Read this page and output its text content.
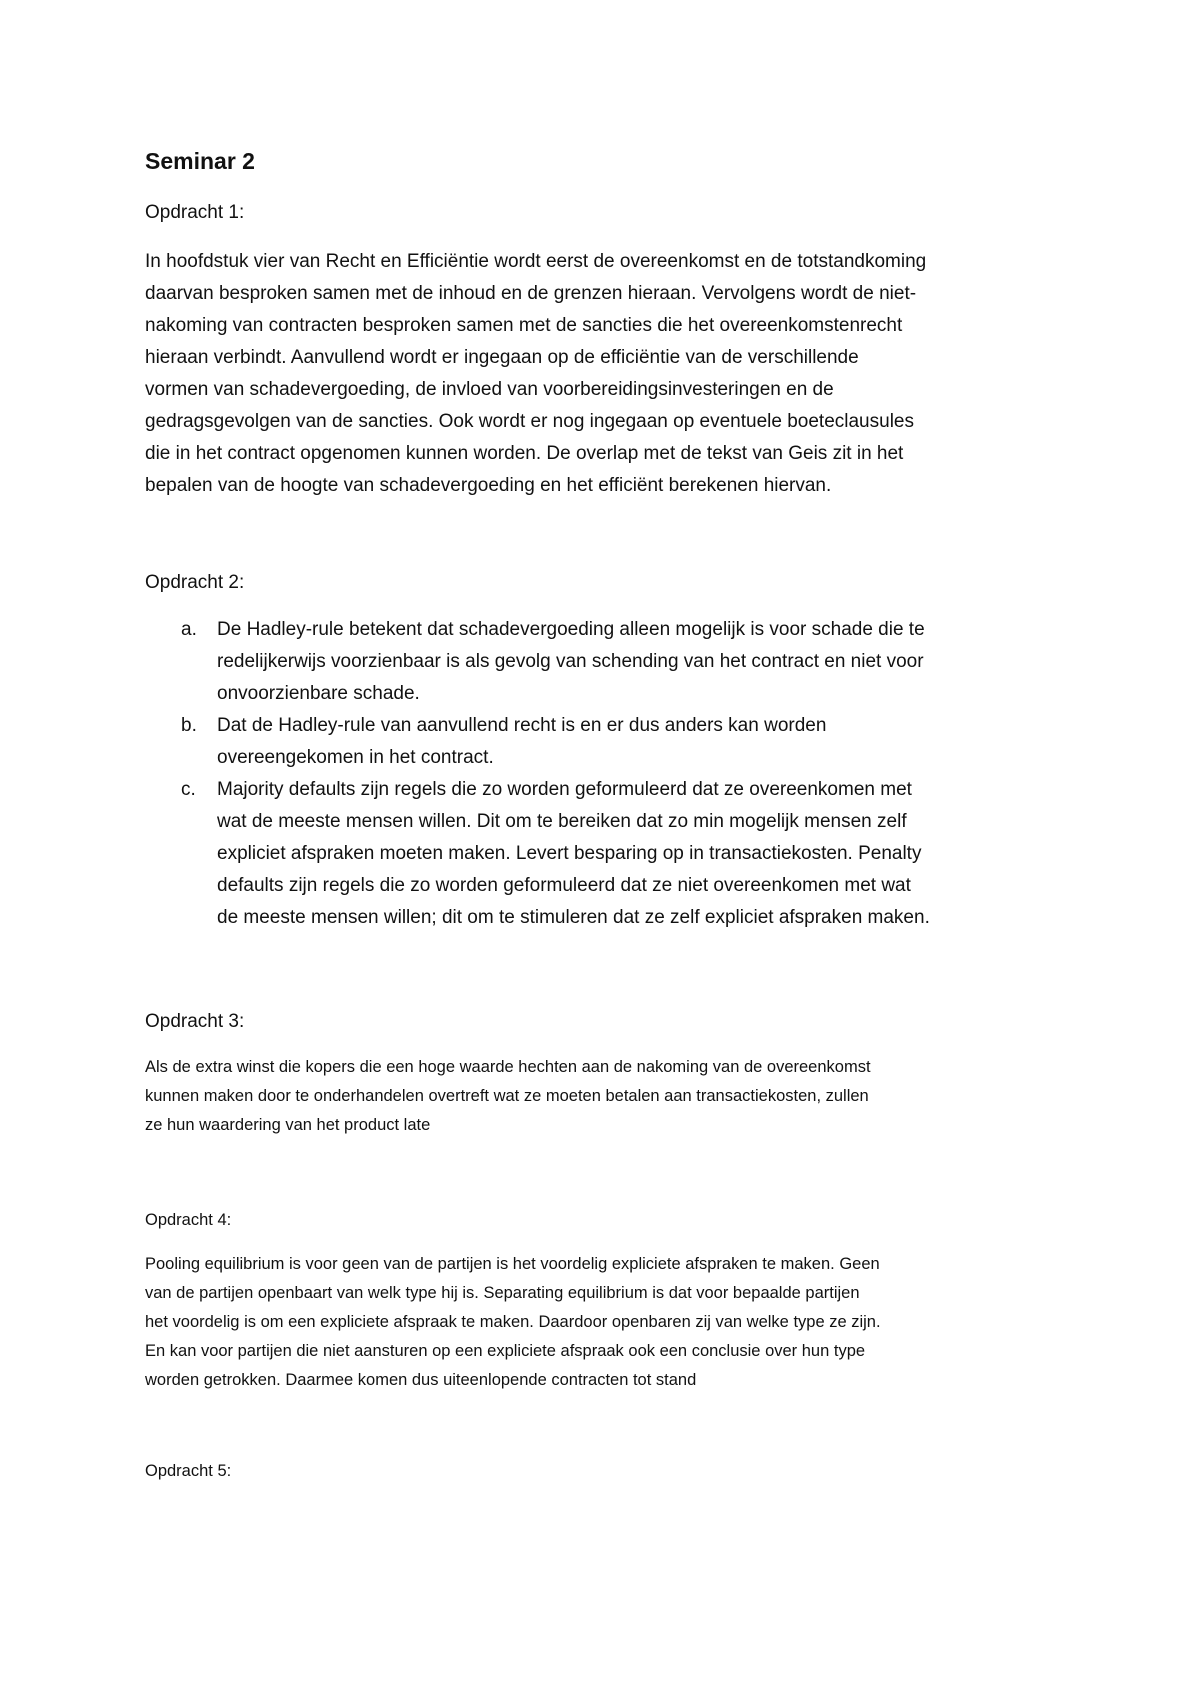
Seminar 2
Opdracht 1:
In hoofdstuk vier van Recht en Efficiëntie wordt eerst de overeenkomst en de totstandkoming
daarvan besproken samen met de inhoud en de grenzen hieraan. Vervolgens wordt de niet-
nakoming van contracten besproken samen met de sancties die het overeenkomstenrecht
hieraan verbindt. Aanvullend wordt er ingegaan op de efficiëntie van de verschillende
vormen van schadevergoeding, de invloed van voorbereidingsinvesteringen en de
gedragsgevolgen van de sancties. Ook wordt er nog ingegaan op eventuele boeteclausules
die in het contract opgenomen kunnen worden. De overlap met de tekst van Geis zit in het
bepalen van de hoogte van schadevergoeding en het efficiënt berekenen hiervan.
Opdracht 2:
a. De Hadley-rule betekent dat schadevergoeding alleen mogelijk is voor schade die te
redelijkerwijs voorzienbaar is als gevolg van schending van het contract en niet voor
onvoorzienbare schade.
b. Dat de Hadley-rule van aanvullend recht is en er dus anders kan worden
overeengekomen in het contract.
c. Majority defaults zijn regels die zo worden geformuleerd dat ze overeenkomen met
wat de meeste mensen willen. Dit om te bereiken dat zo min mogelijk mensen zelf
expliciet afspraken moeten maken. Levert besparing op in transactiekosten. Penalty
defaults zijn regels die zo worden geformuleerd dat ze niet overeenkomen met wat
de meeste mensen willen; dit om te stimuleren dat ze zelf expliciet afspraken maken.
Opdracht 3:
Als de extra winst die kopers die een hoge waarde hechten aan de nakoming van de overeenkomst
kunnen maken door te onderhandelen overtreft wat ze moeten betalen aan transactiekosten, zullen
ze hun waardering van het product late
Opdracht 4:
Pooling equilibrium is voor geen van de partijen is het voordelig expliciete afspraken te maken. Geen
van de partijen openbaart van welk type hij is. Separating equilibrium is dat voor bepaalde partijen
het voordelig is om een expliciete afspraak te maken. Daardoor openbaren zij van welke type ze zijn.
En kan voor partijen die niet aansturen op een expliciete afspraak ook een conclusie over hun type
worden getrokken. Daarmee komen dus uiteenlopende contracten tot stand
Opdracht 5:
